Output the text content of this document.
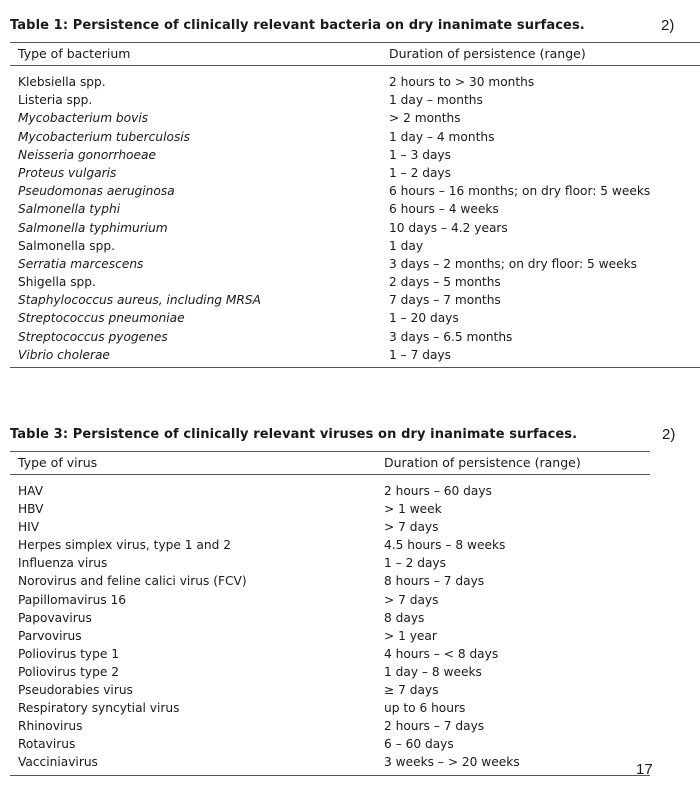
Table 1: Persistence of clinically relevant bacteria on dry inanimate surfaces.	2)
Type of bacterium	Duration of persistence (range)
Klebsiella spp.	2 hours to > 30 months
Listeria spp.	1 day – months
Mycobacterium bovis	> 2 months
Mycobacterium tuberculosis	1 day – 4 months
Neisseria gonorrhoeae	1 – 3 days
Proteus vulgaris	1 – 2 days
Pseudomonas aeruginosa	6 hours – 16 months; on dry floor: 5 weeks
Salmonella typhi	6 hours – 4 weeks
Salmonella typhimurium	10 days – 4.2 years
Salmonella spp.	1 day
Serratia marcescens	3 days – 2 months; on dry floor: 5 weeks
Shigella spp.	2 days – 5 months
Staphylococcus aureus, including MRSA	7 days – 7 months
Streptococcus pneumoniae	1 – 20 days
Streptococcus pyogenes	3 days – 6.5 months
Vibrio cholerae	1 – 7 days
Table 3: Persistence of clinically relevant viruses on dry inanimate surfaces.	2)
Type of virus	Duration of persistence (range)
HAV	2 hours – 60 days
HBV	> 1 week
HIV	> 7 days
Herpes simplex virus, type 1 and 2	4.5 hours – 8 weeks
Influenza virus	1 – 2 days
Norovirus and feline calici virus (FCV)	8 hours – 7 days
Papillomavirus 16	> 7 days
Papovavirus	8 days
Parvovirus	> 1 year
Poliovirus type 1	4 hours – < 8 days
Poliovirus type 2	1 day – 8 weeks
Pseudorabies virus	≥ 7 days
Respiratory syncytial virus	up to 6 hours
Rhinovirus	2 hours – 7 days
Rotavirus	6 – 60 days
Vacciniavirus	3 weeks – > 20 weeks	17
